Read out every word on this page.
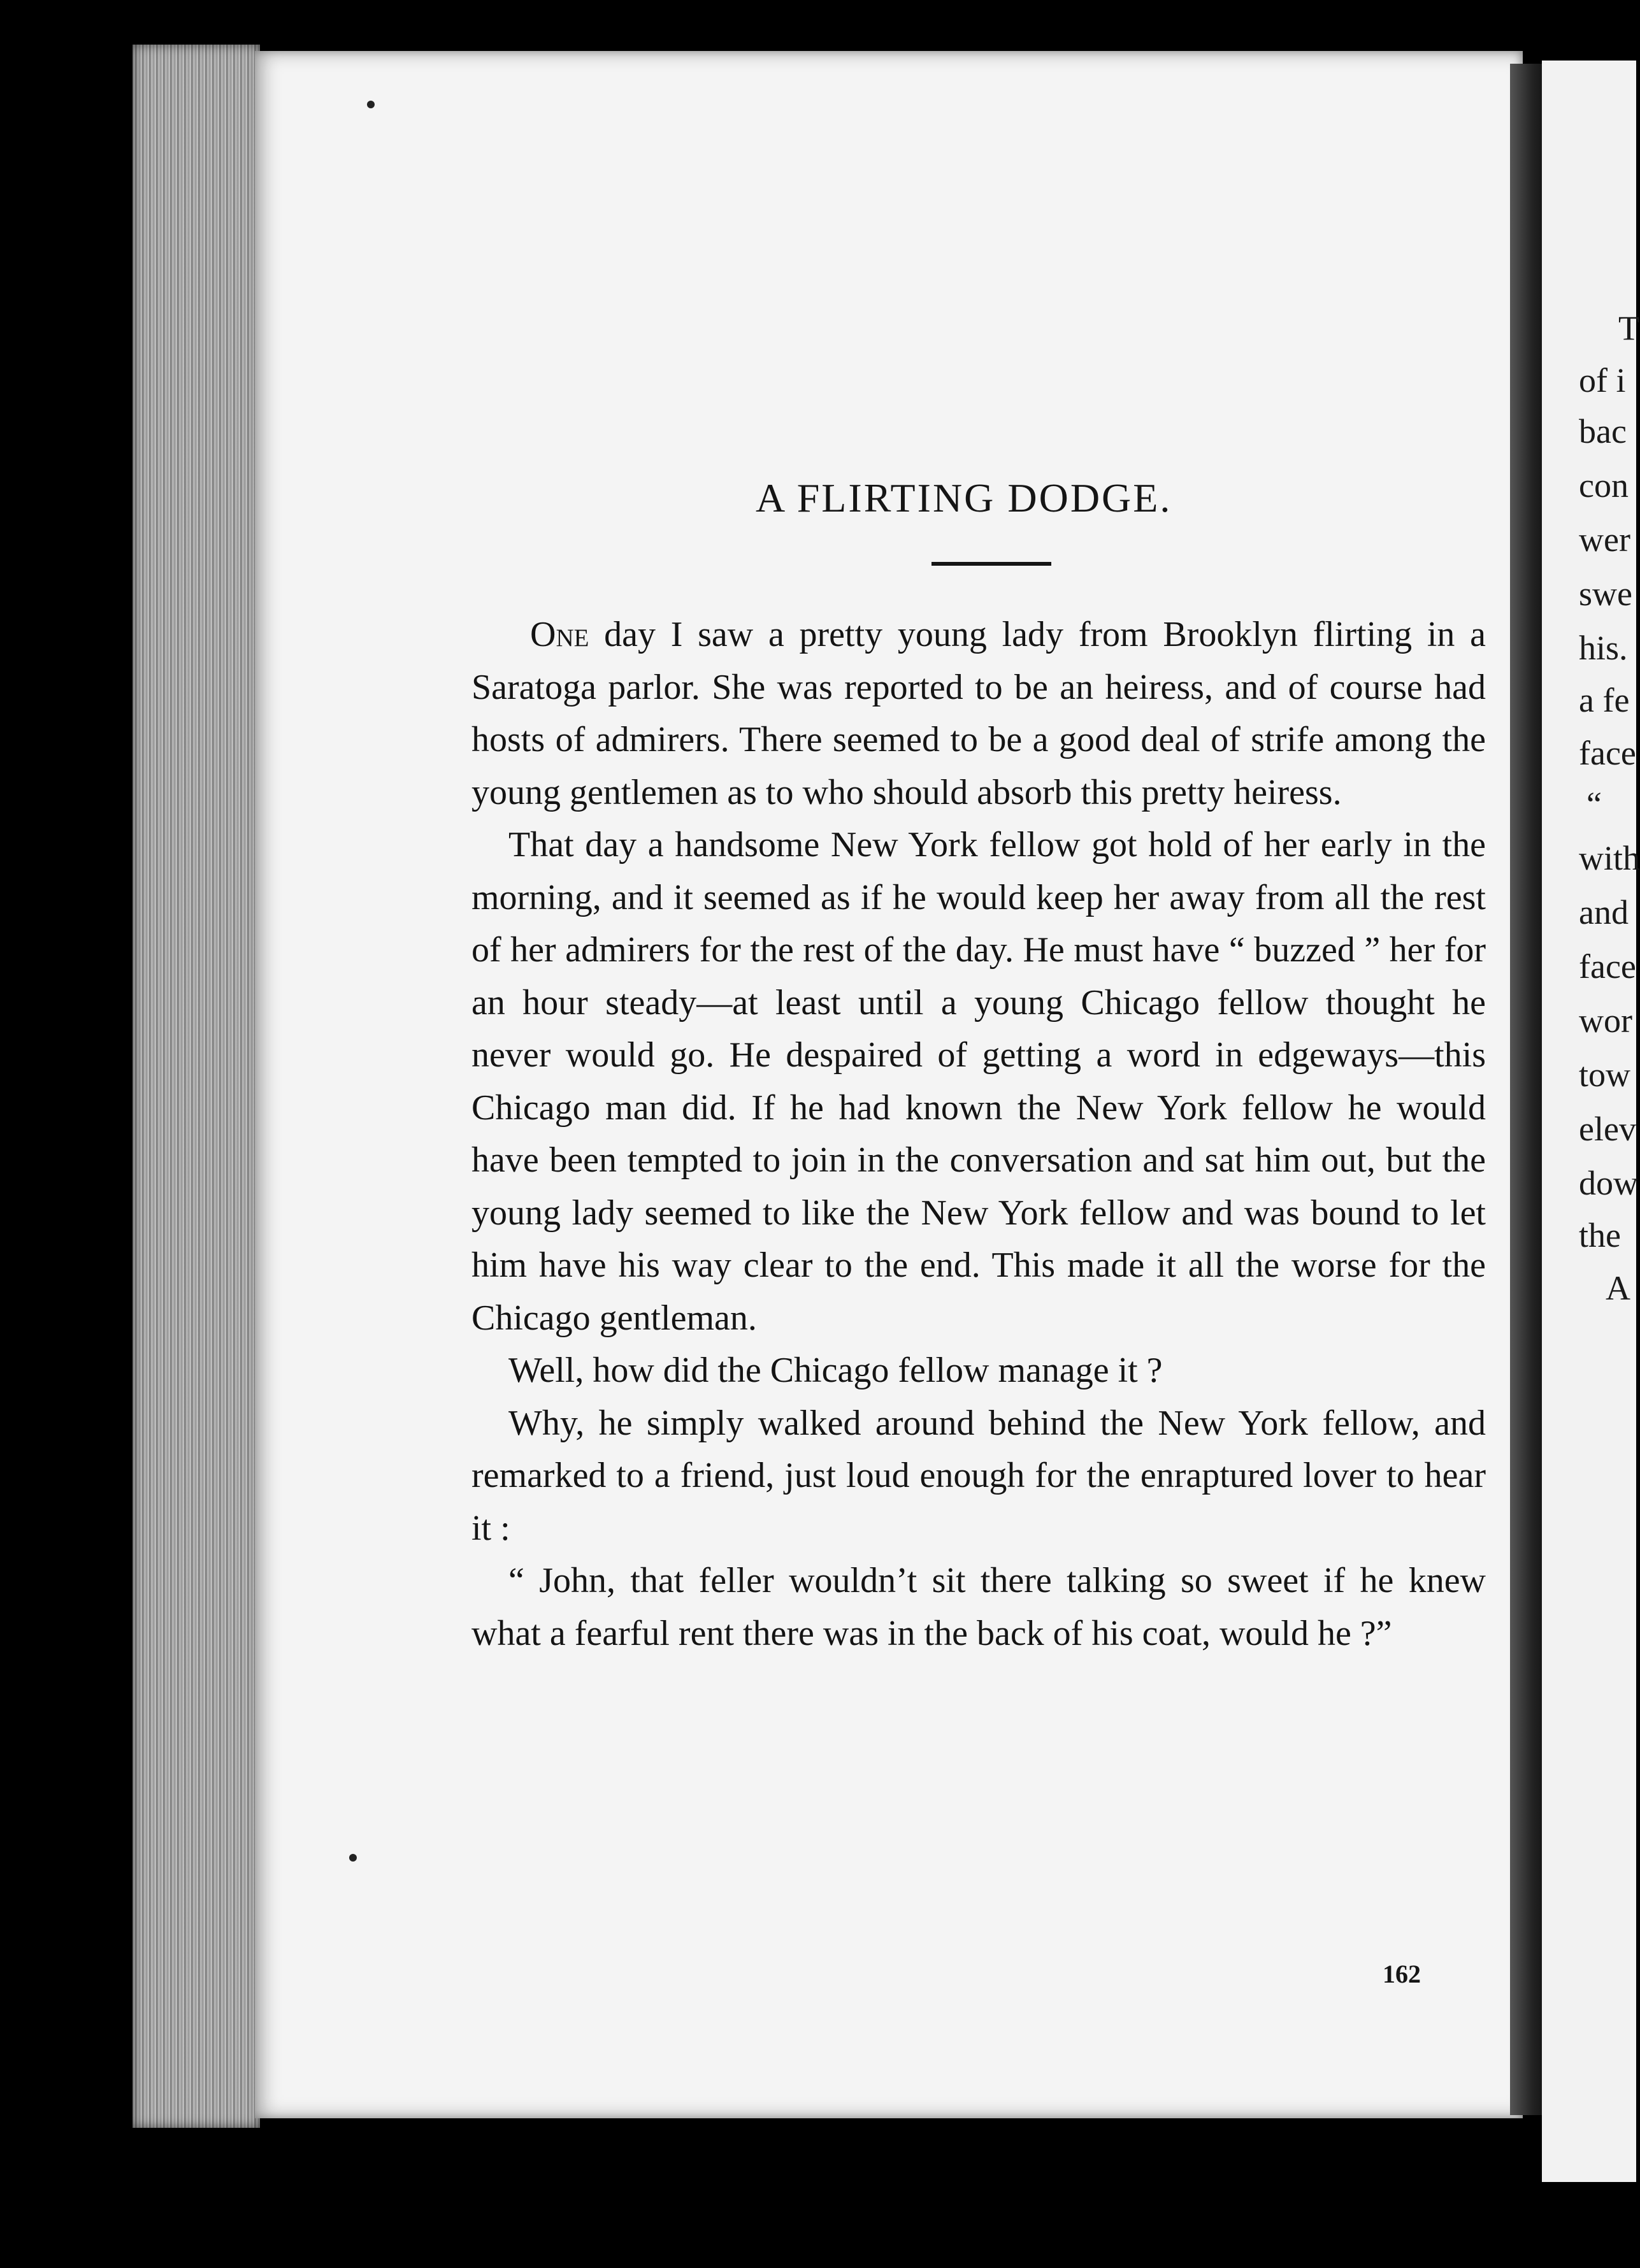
A FLIRTING DODGE.

One day I saw a pretty young lady from Brooklyn flirting in a Saratoga parlor. She was reported to be an heiress, and of course had hosts of admirers. There seemed to be a good deal of strife among the young gentlemen as to who should absorb this pretty heiress.

That day a handsome New York fellow got hold of her early in the morning, and it seemed as if he would keep her away from all the rest of her admirers for the rest of the day. He must have “ buzzed ” her for an hour steady—at least until a young Chicago fellow thought he never would go. He despaired of getting a word in edgeways—this Chicago man did. If he had known the New York fellow he would have been tempted to join in the conversation and sat him out, but the young lady seemed to like the New York fellow and was bound to let him have his way clear to the end. This made it all the worse for the Chicago gentleman.

Well, how did the Chicago fellow manage it ?

Why, he simply walked around behind the New York fellow, and remarked to a friend, just loud enough for the enraptured lover to hear it :

“ John, that feller wouldn’t sit there talking so sweet if he knew what a fearful rent there was in the back of his coat, would he ?”

162
T
of i
bac
con
wer
swe
his.
a fe
face
“
with
and
face
wor
tow
elev
dow
the
A
